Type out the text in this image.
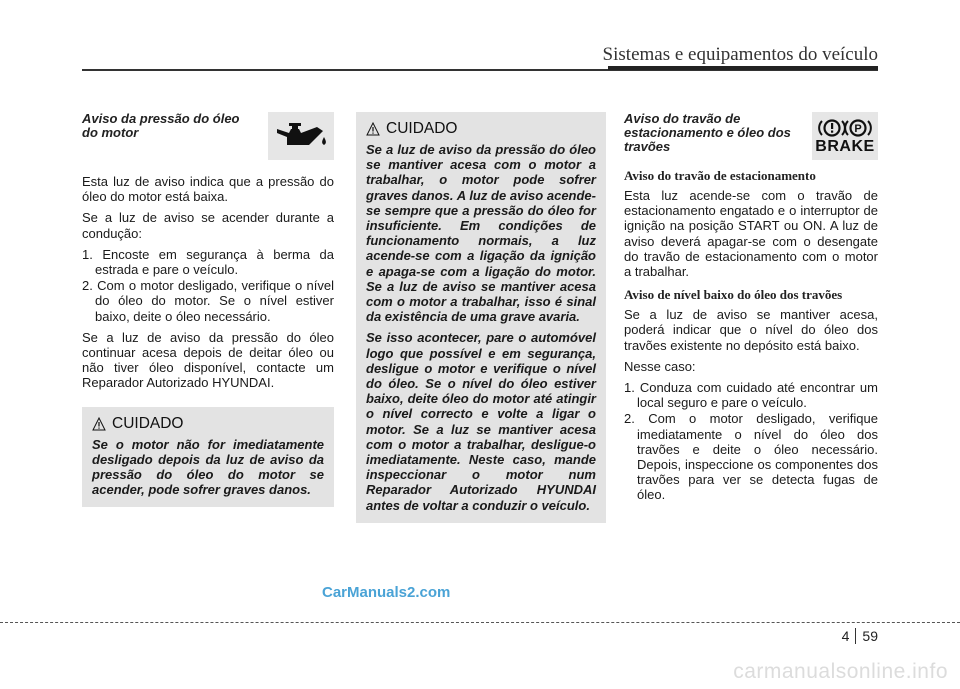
Sistemas e equipamentos do veículo
Aviso da pressão do óleo do motor

Esta luz de aviso indica que a pressão do óleo do motor está baixa.

Se a luz de aviso se acender durante a condução:

1. Encoste em segurança à berma da estrada e pare o veículo.
2. Com o motor desligado, verifique o nível do óleo do motor. Se o nível estiver baixo, deite o óleo necessário.

Se a luz de aviso da pressão do óleo continuar acesa depois de deitar óleo ou não tiver óleo disponível, contacte um Reparador Autorizado HYUNDAI.

CUIDADO

Se o motor não for imediatamente desligado depois da luz de aviso da pressão do óleo do motor se acender, pode sofrer graves danos.

CUIDADO

Se a luz de aviso da pressão do óleo se mantiver acesa com o motor a trabalhar, o motor pode sofrer graves danos. A luz de aviso acende-se sempre que a pressão do óleo for insuficiente. Em condições de funcionamento normais, a luz acende-se com a ligação da ignição e apaga-se com a ligação do motor. Se a luz de aviso se mantiver acesa com o motor a trabalhar, isso é sinal da existência de uma grave avaria.

Se isso acontecer, pare o automóvel logo que possível e em segurança, desligue o motor e verifique o nível do óleo. Se o nível do óleo estiver baixo, deite óleo do motor até atingir o nível correcto e volte a ligar o motor. Se a luz se mantiver acesa com o motor a trabalhar, desligue-o imediatamente. Neste caso, mande inspeccionar o motor num Reparador Autorizado HYUNDAI antes de voltar a conduzir o veículo.

Aviso do travão de estacionamento e óleo dos travões
P
BRAKE
Aviso do travão de estacionamento

Esta luz acende-se com o travão de estacionamento engatado e o interruptor de ignição na posição START ou ON. A luz de aviso deverá apagar-se com o desengate do travão de estacionamento com o motor a trabalhar.

Aviso de nível baixo do óleo dos travões

Se a luz de aviso se mantiver acesa, poderá indicar que o nível do óleo dos travões existente no depósito está baixo.

Nesse caso:

1. Conduza com cuidado até encontrar um local seguro e pare o veículo.
2. Com o motor desligado, verifique imediatamente o nível do óleo dos travões e deite o óleo necessário. Depois, inspeccione os componentes dos travões para ver se detecta fugas de óleo.
CarManuals2.com
4 59
carmanualsonline.info
